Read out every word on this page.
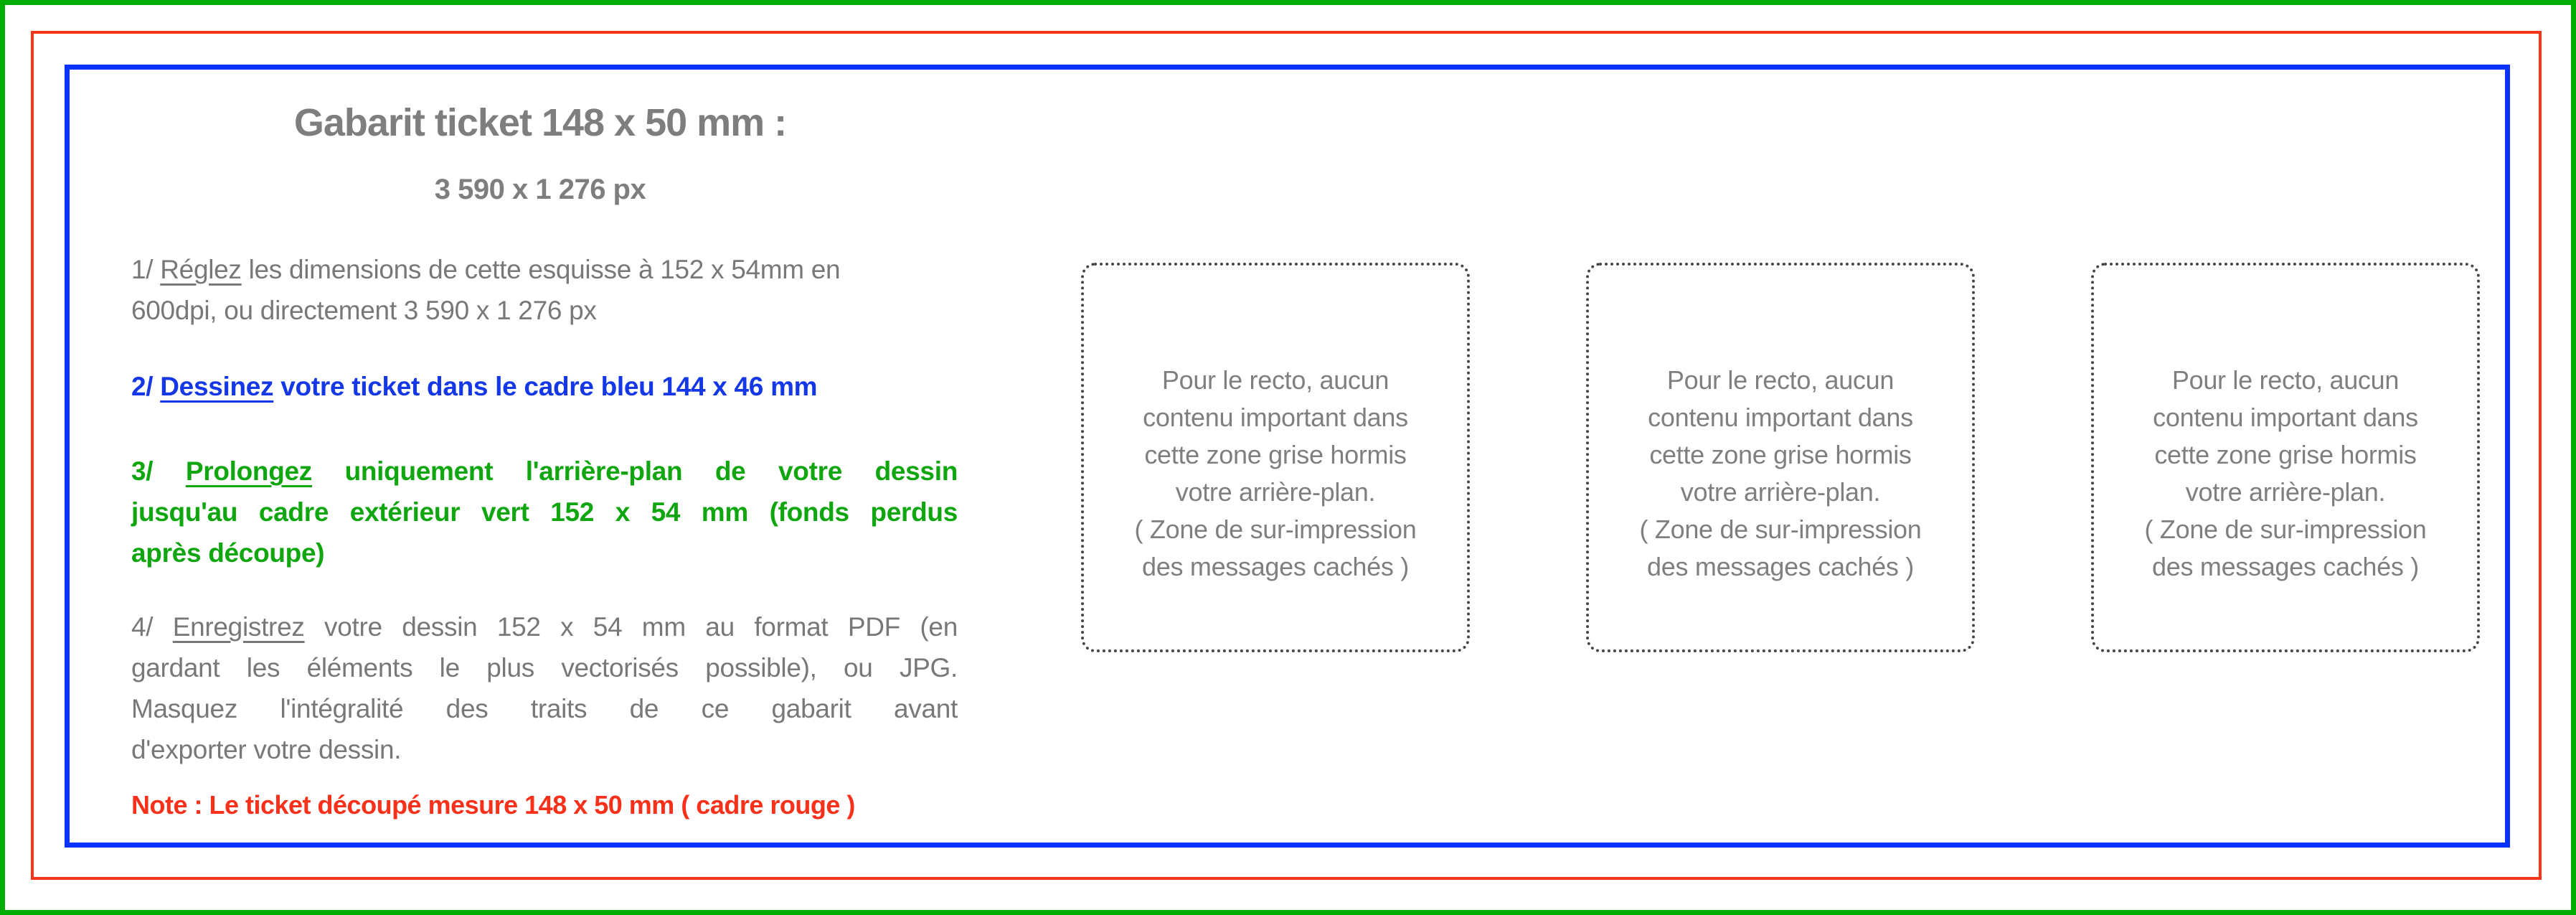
Gabarit ticket 148 x 50 mm :
3 590 x 1 276 px
1/ Réglez les dimensions de cette esquisse à 152 x 54mm en
600dpi, ou directement 3 590 x 1 276 px
2/ Dessinez votre ticket dans le cadre bleu 144 x 46 mm
3/ Prolongez uniquement l'arrière-plan de votre dessin
jusqu'au cadre extérieur vert 152 x 54 mm (fonds perdus
après découpe)
4/ Enregistrez votre dessin 152 x 54 mm au format PDF (en
gardant les éléments le plus vectorisés possible), ou JPG.
Masquez l'intégralité des traits de ce gabarit avant
d'exporter votre dessin.
Note : Le ticket découpé mesure 148 x 50 mm ( cadre rouge )
Pour le recto, aucun
contenu important dans
cette zone grise hormis
votre arrière-plan.
( Zone de sur-impression
des messages cachés )
Pour le recto, aucun
contenu important dans
cette zone grise hormis
votre arrière-plan.
( Zone de sur-impression
des messages cachés )
Pour le recto, aucun
contenu important dans
cette zone grise hormis
votre arrière-plan.
( Zone de sur-impression
des messages cachés )
